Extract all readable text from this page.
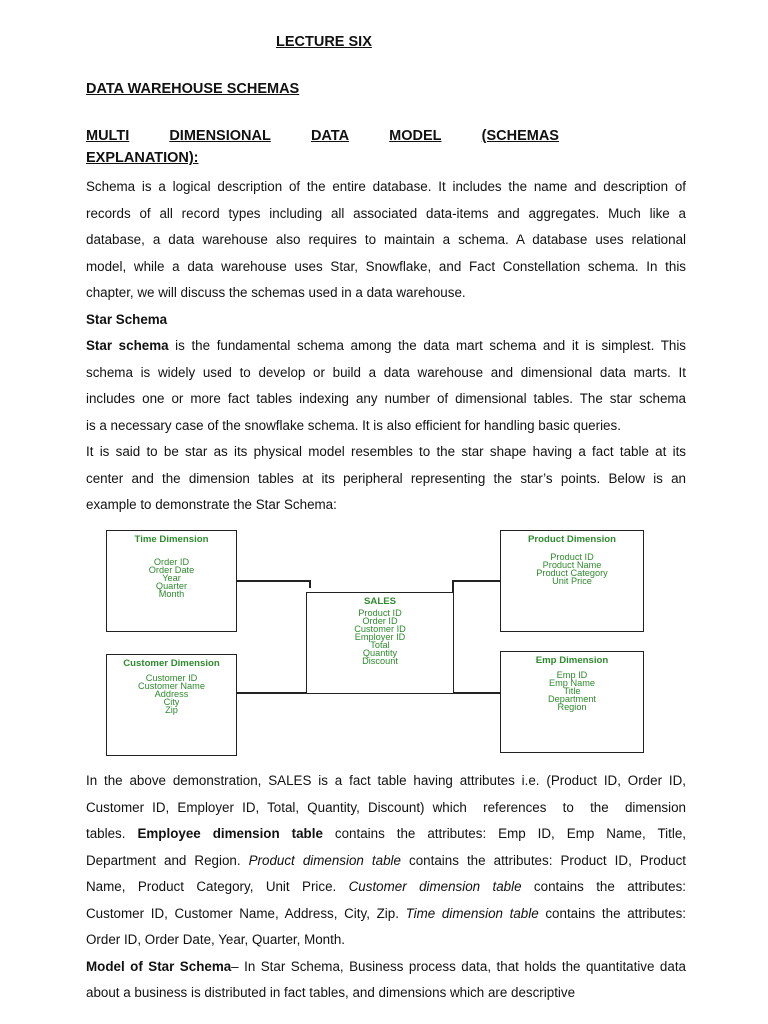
LECTURE SIX
DATA WAREHOUSE SCHEMAS
MULTI	DIMENSIONAL	DATA	MODEL	(SCHEMAS
EXPLANATION):
Schema is a logical description of the entire database. It includes the name and description of
records of all record types including all associated data-items and aggregates. Much like a
database, a data warehouse also requires to maintain a schema. A database uses relational
model, while a data warehouse uses Star, Snowflake, and Fact Constellation schema. In this
chapter, we will discuss the schemas used in a data warehouse.
Star Schema
Star schema is the fundamental schema among the data mart schema and it is simplest. This
schema is widely used to develop or build a data warehouse and dimensional data marts. It
includes one or more fact tables indexing any number of dimensional tables. The star schema
is a necessary case of the snowflake schema. It is also efficient for handling basic queries.
It is said to be star as its physical model resembles to the star shape having a fact table at its
center and the dimension tables at its peripheral representing the star’s points. Below is an
example to demonstrate the Star Schema:
Time Dimension
Order ID
Order Date
Year
Quarter
Month
Product Dimension
Product ID
Product Name
Product Category
Unit Price
SALES
Product ID
Order ID
Customer ID
Employer ID
Total
Quantity
Discount
Customer Dimension
Customer ID
Customer Name
Address
City
Zip
Emp Dimension
Emp ID
Emp Name
Title
Department
Region
In the above demonstration, SALES is a fact table having attributes i.e. (Product ID, Order ID,
Customer ID, Employer ID, Total, Quantity, Discount) which  references  to  the  dimension
tables. Employee dimension table contains the attributes: Emp ID, Emp Name, Title,
Department and Region. Product dimension table contains the attributes: Product ID, Product
Name, Product Category, Unit Price. Customer dimension table contains the attributes:
Customer ID, Customer Name, Address, City, Zip. Time dimension table contains the attributes:
Order ID, Order Date, Year, Quarter, Month.
Model of Star Schema– In Star Schema, Business process data, that holds the quantitative data
about a business is distributed in fact tables, and dimensions which are descriptive
